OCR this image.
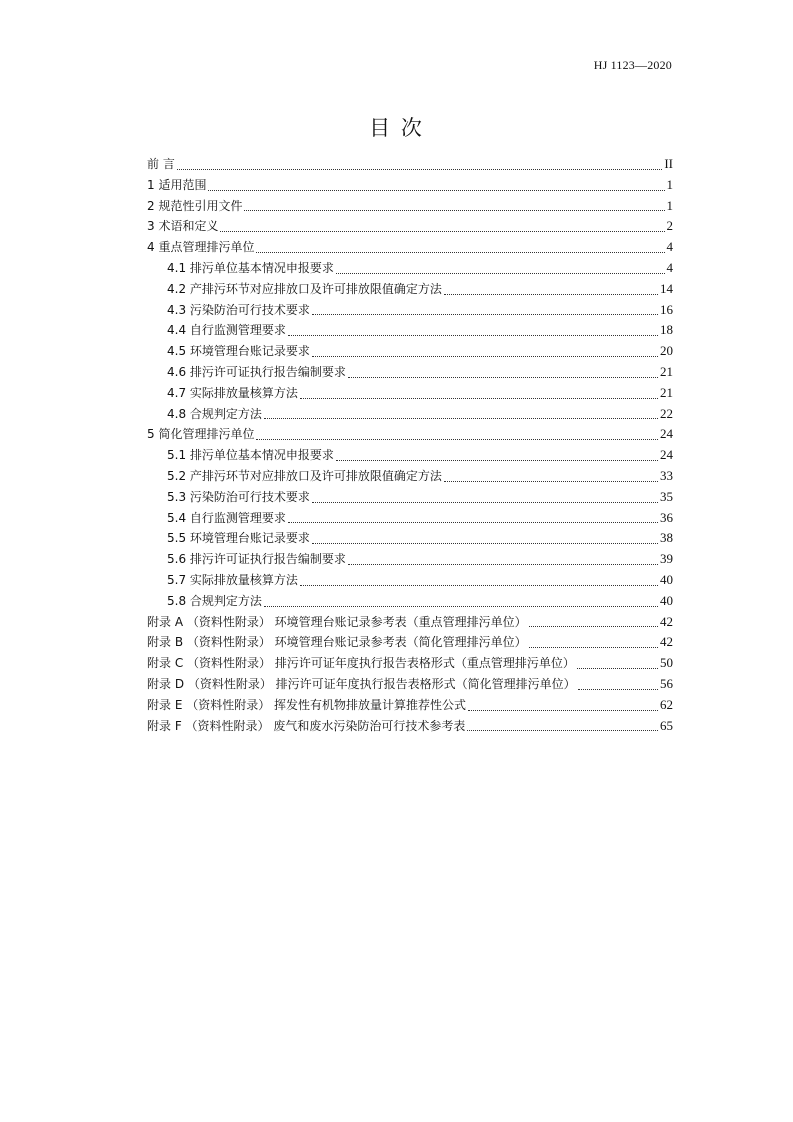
HJ 1123—2020
目 次
前 言	II
1 适用范围	1
2 规范性引用文件	1
3 术语和定义	2
4 重点管理排污单位	4
4.1 排污单位基本情况申报要求	4
4.2 产排污环节对应排放口及许可排放限值确定方法	14
4.3 污染防治可行技术要求	16
4.4 自行监测管理要求	18
4.5 环境管理台账记录要求	20
4.6 排污许可证执行报告编制要求	21
4.7 实际排放量核算方法	21
4.8 合规判定方法	22
5 简化管理排污单位	24
5.1 排污单位基本情况申报要求	24
5.2 产排污环节对应排放口及许可排放限值确定方法	33
5.3 污染防治可行技术要求	35
5.4 自行监测管理要求	36
5.5 环境管理台账记录要求	38
5.6 排污许可证执行报告编制要求	39
5.7 实际排放量核算方法	40
5.8 合规判定方法	40
附录 A （资料性附录） 环境管理台账记录参考表（重点管理排污单位）	42
附录 B （资料性附录） 环境管理台账记录参考表（简化管理排污单位）	42
附录 C （资料性附录） 排污许可证年度执行报告表格形式（重点管理排污单位）	50
附录 D （资料性附录） 排污许可证年度执行报告表格形式（简化管理排污单位）	56
附录 E （资料性附录） 挥发性有机物排放量计算推荐性公式	62
附录 F （资料性附录） 废气和废水污染防治可行技术参考表	65
